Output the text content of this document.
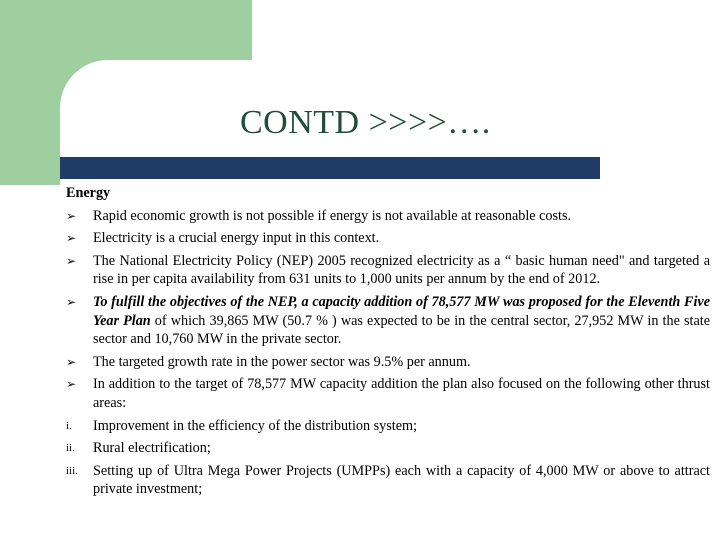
CONTD >>>>….

Energy

➢	Rapid economic growth is not possible if energy is not available at reasonable costs.
➢	Electricity is a crucial energy input in this context.
➢	The National Electricity Policy (NEP) 2005 recognized electricity as a “ basic human need" and targeted a rise in per capita availability from 631 units to 1,000 units per annum by the end of 2012.
➢	To fulfill the objectives of the NEP, a capacity addition of 78,577 MW was proposed for the Eleventh Five Year Plan of which 39,865 MW (50.7 % ) was expected to be in the central sector, 27,952 MW in the state sector and 10,760 MW in the private sector.
➢	The targeted growth rate in the power sector was 9.5% per annum.
➢	In addition to the target of 78,577 MW capacity addition the plan also focused on the following other thrust areas:
i.	Improvement in the efficiency of the distribution system;
ii.	Rural electrification;
iii.	Setting up of Ultra Mega Power Projects (UMPPs) each with a capacity of 4,000 MW or above to attract private investment;
